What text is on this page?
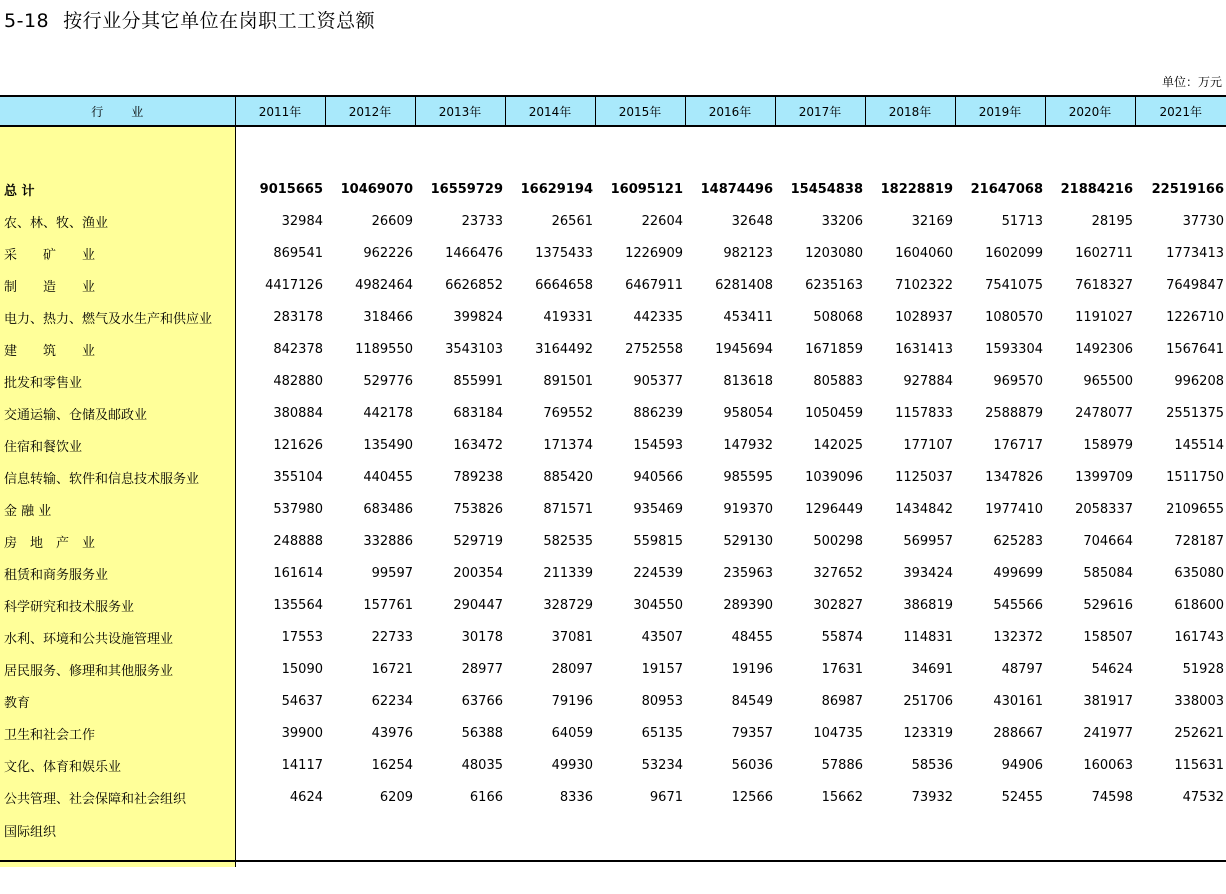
5-18 按行业分其它单位在岗职工工资总额
单位：万元
行业	2011年	2012年	2013年	2014年	2015年	2016年	2017年	2018年	2019年	2020年	2021年

总 计	9015665	10469070	16559729	16629194	16095121	14874496	15454838	18228819	21647068	21884216	22519166
农、林、牧、渔业	32984	26609	23733	26561	22604	32648	33206	32169	51713	28195	37730
采　　矿　　业	869541	962226	1466476	1375433	1226909	982123	1203080	1604060	1602099	1602711	1773413
制　　造　　业	4417126	4982464	6626852	6664658	6467911	6281408	6235163	7102322	7541075	7618327	7649847
电力、热力、燃气及水生产和供应业	283178	318466	399824	419331	442335	453411	508068	1028937	1080570	1191027	1226710
建　　筑　　业	842378	1189550	3543103	3164492	2752558	1945694	1671859	1631413	1593304	1492306	1567641
批发和零售业	482880	529776	855991	891501	905377	813618	805883	927884	969570	965500	996208
交通运输、仓储及邮政业	380884	442178	683184	769552	886239	958054	1050459	1157833	2588879	2478077	2551375
住宿和餐饮业	121626	135490	163472	171374	154593	147932	142025	177107	176717	158979	145514
信息转输、软件和信息技术服务业	355104	440455	789238	885420	940566	985595	1039096	1125037	1347826	1399709	1511750
金 融 业	537980	683486	753826	871571	935469	919370	1296449	1434842	1977410	2058337	2109655
房　地　产　业	248888	332886	529719	582535	559815	529130	500298	569957	625283	704664	728187
租赁和商务服务业	161614	99597	200354	211339	224539	235963	327652	393424	499699	585084	635080
科学研究和技术服务业	135564	157761	290447	328729	304550	289390	302827	386819	545566	529616	618600
水利、环境和公共设施管理业	17553	22733	30178	37081	43507	48455	55874	114831	132372	158507	161743
居民服务、修理和其他服务业	15090	16721	28977	28097	19157	19196	17631	34691	48797	54624	51928
教育	54637	62234	63766	79196	80953	84549	86987	251706	430161	381917	338003
卫生和社会工作	39900	43976	56388	64059	65135	79357	104735	123319	288667	241977	252621
文化、体育和娱乐业	14117	16254	48035	49930	53234	56036	57886	58536	94906	160063	115631
公共管理、社会保障和社会组织	4624	6209	6166	8336	9671	12566	15662	73932	52455	74598	47532
国际组织											
